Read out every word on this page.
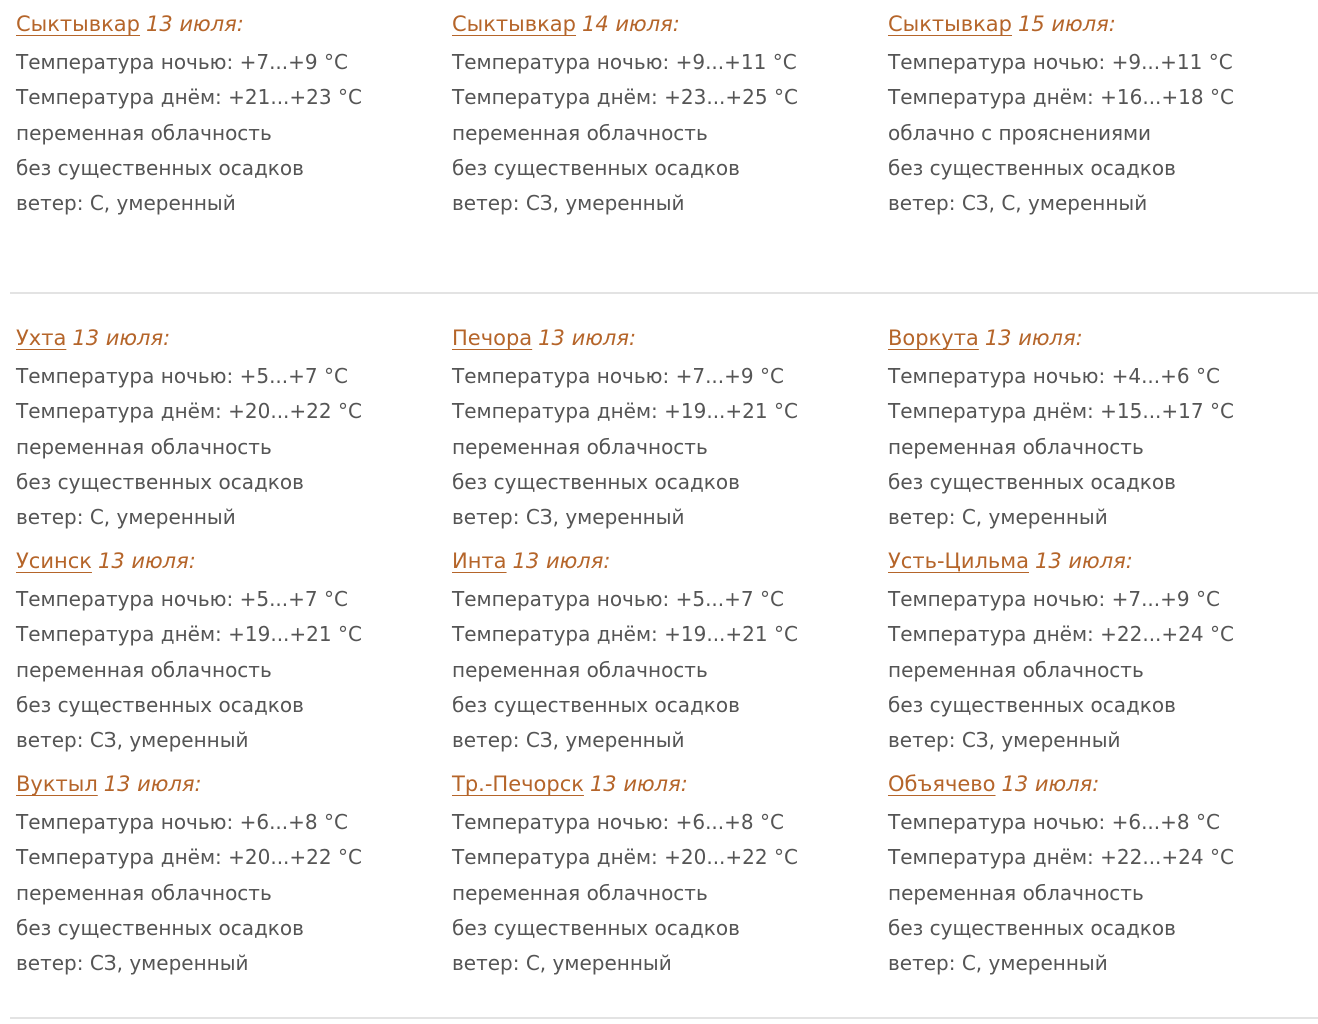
Сыктывкар 13 июля:
Температура ночью: +7...+9 °C
Температура днём: +21...+23 °C
переменная облачность
без существенных осадков
ветер: С, умеренный
Сыктывкар 14 июля:
Температура ночью: +9...+11 °C
Температура днём: +23...+25 °C
переменная облачность
без существенных осадков
ветер: СЗ, умеренный
Сыктывкар 15 июля:
Температура ночью: +9...+11 °C
Температура днём: +16...+18 °C
облачно с прояснениями
без существенных осадков
ветер: СЗ, С, умеренный
Ухта 13 июля:
Температура ночью: +5...+7 °C
Температура днём: +20...+22 °C
переменная облачность
без существенных осадков
ветер: С, умеренный
Печора 13 июля:
Температура ночью: +7...+9 °C
Температура днём: +19...+21 °C
переменная облачность
без существенных осадков
ветер: СЗ, умеренный
Воркута 13 июля:
Температура ночью: +4...+6 °C
Температура днём: +15...+17 °C
переменная облачность
без существенных осадков
ветер: С, умеренный
Усинск 13 июля:
Температура ночью: +5...+7 °C
Температура днём: +19...+21 °C
переменная облачность
без существенных осадков
ветер: СЗ, умеренный
Инта 13 июля:
Температура ночью: +5...+7 °C
Температура днём: +19...+21 °C
переменная облачность
без существенных осадков
ветер: СЗ, умеренный
Усть-Цильма 13 июля:
Температура ночью: +7...+9 °C
Температура днём: +22...+24 °C
переменная облачность
без существенных осадков
ветер: СЗ, умеренный
Вуктыл 13 июля:
Температура ночью: +6...+8 °C
Температура днём: +20...+22 °C
переменная облачность
без существенных осадков
ветер: СЗ, умеренный
Тр.-Печорск 13 июля:
Температура ночью: +6...+8 °C
Температура днём: +20...+22 °C
переменная облачность
без существенных осадков
ветер: С, умеренный
Объячево 13 июля:
Температура ночью: +6...+8 °C
Температура днём: +22...+24 °C
переменная облачность
без существенных осадков
ветер: С, умеренный
